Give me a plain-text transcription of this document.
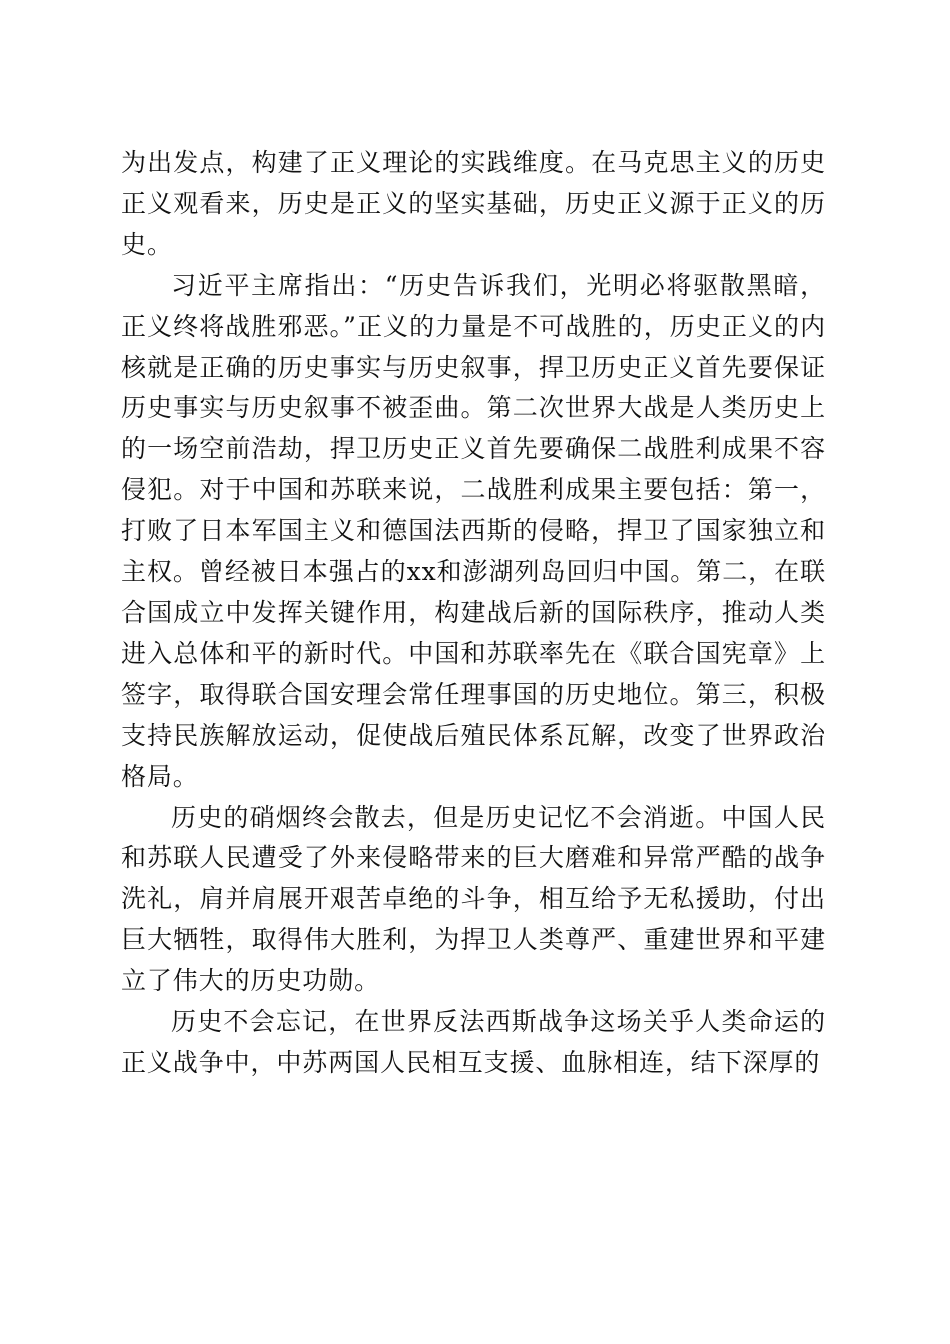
为出发点，构建了正义理论的实践维度。在马克思主义的历史正义观看来，历史是正义的坚实基础，历史正义源于正义的历史。

习近平主席指出：“历史告诉我们，光明必将驱散黑暗，正义终将战胜邪恶。”正义的力量是不可战胜的，历史正义的内核就是正确的历史事实与历史叙事，捍卫历史正义首先要保证历史事实与历史叙事不被歪曲。第二次世界大战是人类历史上的一场空前浩劫，捍卫历史正义首先要确保二战胜利成果不容侵犯。对于中国和苏联来说，二战胜利成果主要包括：第一，打败了日本军国主义和德国法西斯的侵略，捍卫了国家独立和主权。曾经被日本强占的xx和澎湖列岛回归中国。第二，在联合国成立中发挥关键作用，构建战后新的国际秩序，推动人类进入总体和平的新时代。中国和苏联率先在《联合国宪章》上签字，取得联合国安理会常任理事国的历史地位。第三，积极支持民族解放运动，促使战后殖民体系瓦解，改变了世界政治格局。

历史的硝烟终会散去，但是历史记忆不会消逝。中国人民和苏联人民遭受了外来侵略带来的巨大磨难和异常严酷的战争洗礼，肩并肩展开艰苦卓绝的斗争，相互给予无私援助，付出巨大牺牲，取得伟大胜利，为捍卫人类尊严、重建世界和平建立了伟大的历史功勋。

历史不会忘记，在世界反法西斯战争这场关乎人类命运的正义战争中，中苏两国人民相互支援、血脉相连，结下深厚的
